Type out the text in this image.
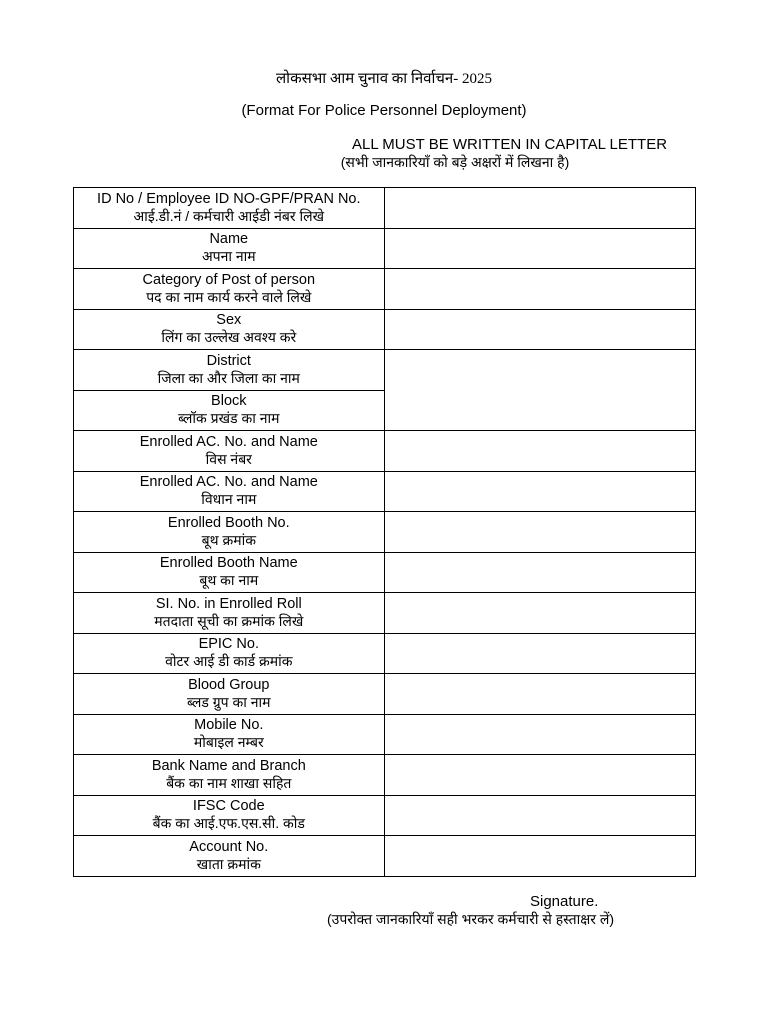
लोकसभा आम चुनाव का निर्वाचन- 2025
(Format For Police Personnel Deployment)
ALL MUST BE WRITTEN IN CAPITAL LETTER
(सभी जानकारियाँ को बड़े अक्षरों में लिखना है)
ID No / Employee ID NO-GPF/PRAN No.
आई.डी.नं / कर्मचारी आईडी नंबर लिखे	

Name
अपना नाम	

Category of Post of person
पद का नाम कार्य करने वाले लिखे	

Sex
लिंग का उल्लेख अवश्य करे	

District
जिला का और जिला का नाम	

Block
ब्लॉक प्रखंड का नाम	

Enrolled AC. No. and Name
विस नंबर	

Enrolled AC. No. and Name
विधान नाम	

Enrolled Booth No.
बूथ क्रमांक	

Enrolled Booth Name
बूथ का नाम	

SI. No. in Enrolled Roll
मतदाता सूची का क्रमांक लिखे	

EPIC No.
वोटर आई डी कार्ड क्रमांक	

Blood Group
ब्लड ग्रुप का नाम	

Mobile No.
मोबाइल नम्बर	

Bank Name and Branch
बैंक का नाम शाखा सहित	

IFSC Code
बैंक का आई.एफ.एस.सी. कोड	

Account No.
खाता क्रमांक	

Signature.
(उपरोक्त जानकारियाँ सही भरकर कर्मचारी से हस्ताक्षर लें)
